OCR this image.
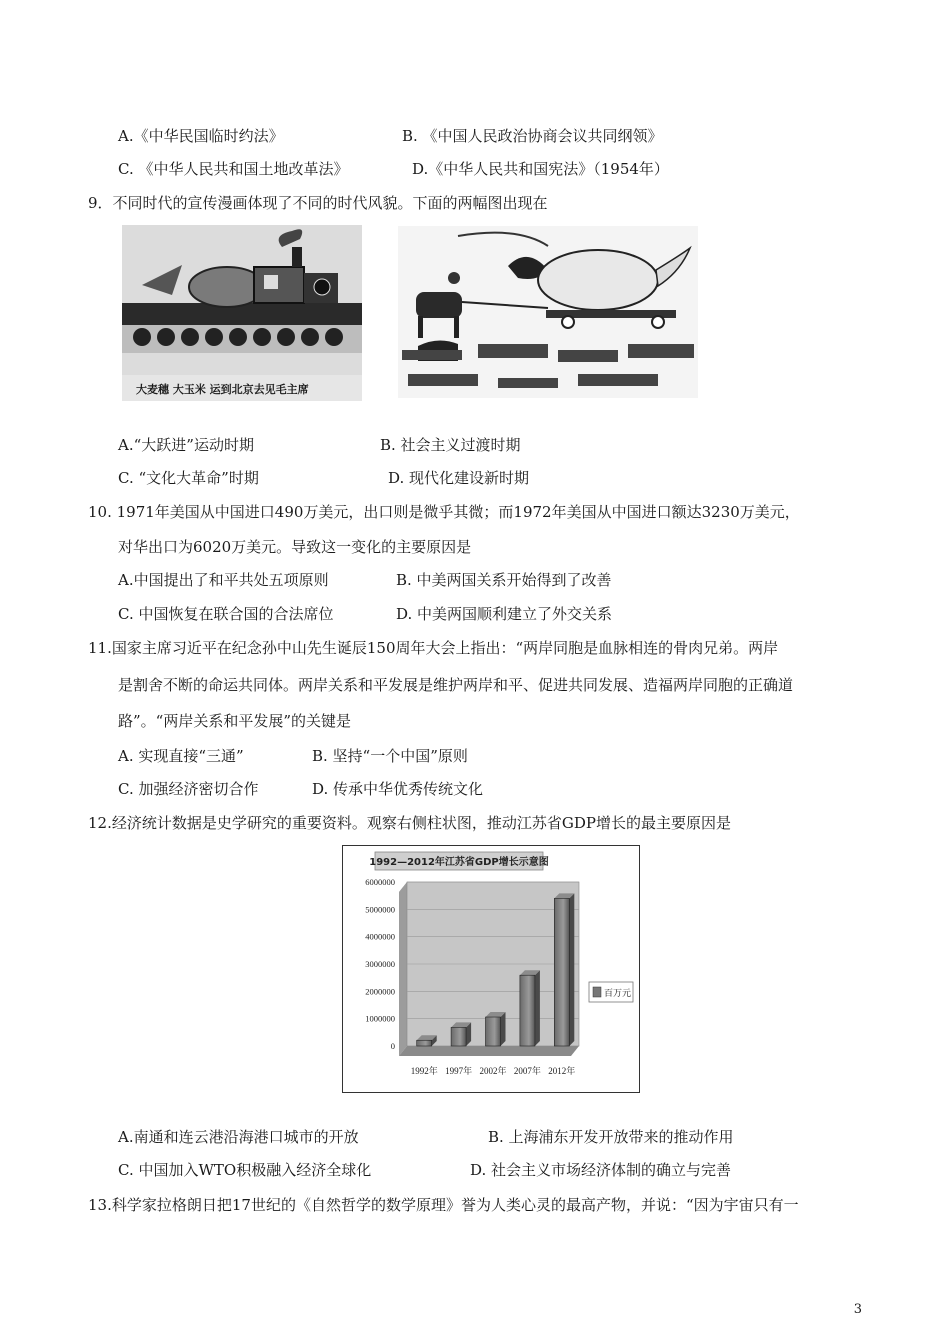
A.《中华民国临时约法》	B. 《中国人民政治协商会议共同纲领》
C. 《中华人民共和国土地改革法》	D.《中华人民共和国宪法》（1954年）
9．不同时代的宣传漫画体现了不同的时代风貌。下面的两幅图出现在
大麦穗 大玉米 运到北京去见毛主席
A.“大跃进”运动时期	B. 社会主义过渡时期
C. “文化大革命”时期	D. 现代化建设新时期
10. 1971年美国从中国进口490万美元，出口则是微乎其微；而1972年美国从中国进口额达3230万美元，
对华出口为6020万美元。导致这一变化的主要原因是
A.中国提出了和平共处五项原则	B. 中美两国关系开始得到了改善
C. 中国恢复在联合国的合法席位	D. 中美两国顺利建立了外交关系
11.国家主席习近平在纪念孙中山先生诞辰150周年大会上指出：“两岸同胞是血脉相连的骨肉兄弟。两岸
是割舍不断的命运共同体。两岸关系和平发展是维护两岸和平、促进共同发展、造福两岸同胞的正确道
路”。“两岸关系和平发展”的关键是
A. 实现直接“三通”	B. 坚持“一个中国”原则
C. 加强经济密切合作	D. 传承中华优秀传统文化
12.经济统计数据是史学研究的重要资料。观察右侧柱状图，推动江苏省GDP增长的最主要原因是
1992—2012年江苏省GDP增长示意图
0
1000000
2000000
3000000
4000000
5000000
6000000
1992年 1997年 2002年 2007年 2012年
百万元
A.南通和连云港沿海港口城市的开放	B. 上海浦东开发开放带来的推动作用
C. 中国加入WTO积极融入经济全球化	D. 社会主义市场经济体制的确立与完善
13.科学家拉格朗日把17世纪的《自然哲学的数学原理》誉为人类心灵的最高产物，并说：“因为宇宙只有一
3
